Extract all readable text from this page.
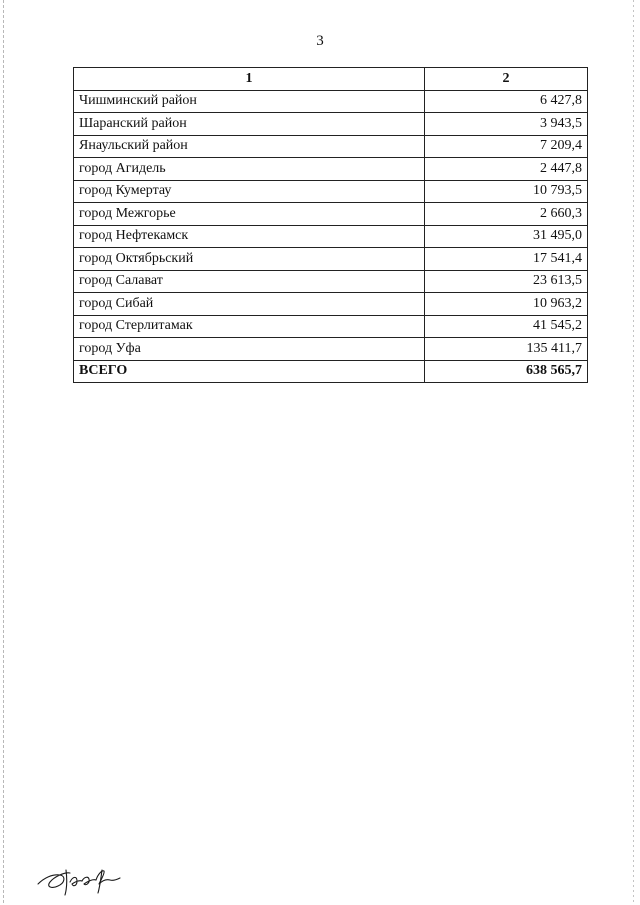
3
1	2
Чишминский район	6 427,8
Шаранский район	3 943,5
Янаульский район	7 209,4
город Агидель	2 447,8
город Кумертау	10 793,5
город Межгорье	2 660,3
город Нефтекамск	31 495,0
город Октябрьский	17 541,4
город Салават	23 613,5
город Сибай	10 963,2
город Стерлитамак	41 545,2
город Уфа	135 411,7
ВСЕГО	638 565,7
